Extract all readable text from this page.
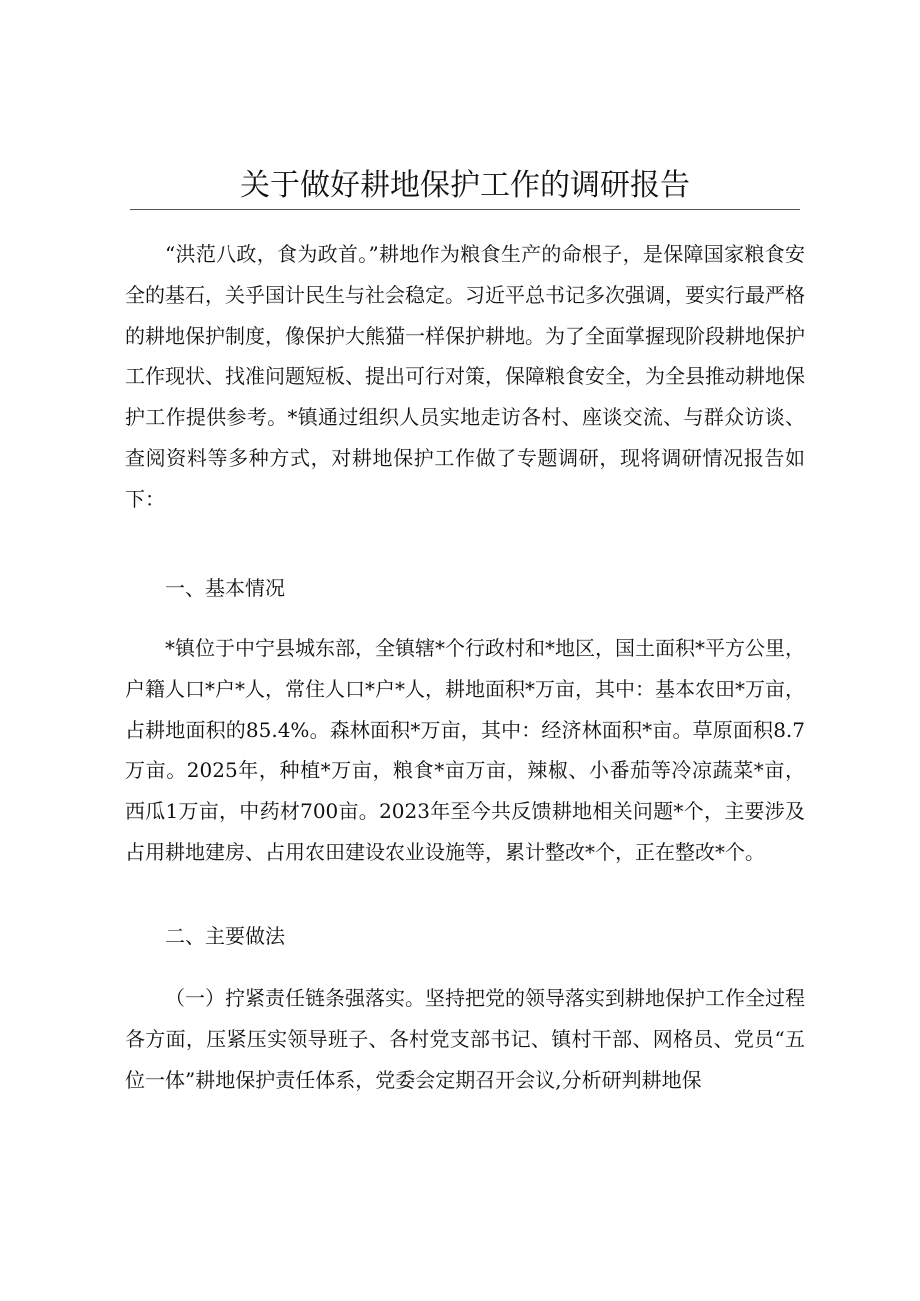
关于做好耕地保护工作的调研报告

“洪范八政，食为政首。”耕地作为粮食生产的命根子，是保障国家粮食安全的基石，关乎国计民生与社会稳定。习近平总书记多次强调，要实行最严格的耕地保护制度，像保护大熊猫一样保护耕地。为了全面掌握现阶段耕地保护工作现状、找准问题短板、提出可行对策，保障粮食安全，为全县推动耕地保护工作提供参考。*镇通过组织人员实地走访各村、座谈交流、与群众访谈、查阅资料等多种方式，对耕地保护工作做了专题调研，现将调研情况报告如下：

一、基本情况

*镇位于中宁县城东部，全镇辖*个行政村和*地区，国土面积*平方公里，户籍人口*户*人，常住人口*户*人，耕地面积*万亩，其中：基本农田*万亩，占耕地面积的85.4%。森林面积*万亩，其中：经济林面积*亩。草原面积8.7万亩。2025年，种植*万亩，粮食*亩万亩，辣椒、小番茄等冷凉蔬菜*亩，西瓜1万亩，中药材700亩。2023年至今共反馈耕地相关问题*个，主要涉及占用耕地建房、占用农田建设农业设施等，累计整改*个，正在整改*个。

二、主要做法

（一）拧紧责任链条强落实。坚持把党的领导落实到耕地保护工作全过程各方面，压紧压实领导班子、各村党支部书记、镇村干部、网格员、党员“五位一体”耕地保护责任体系，党委会定期召开会议,分析研判耕地保
